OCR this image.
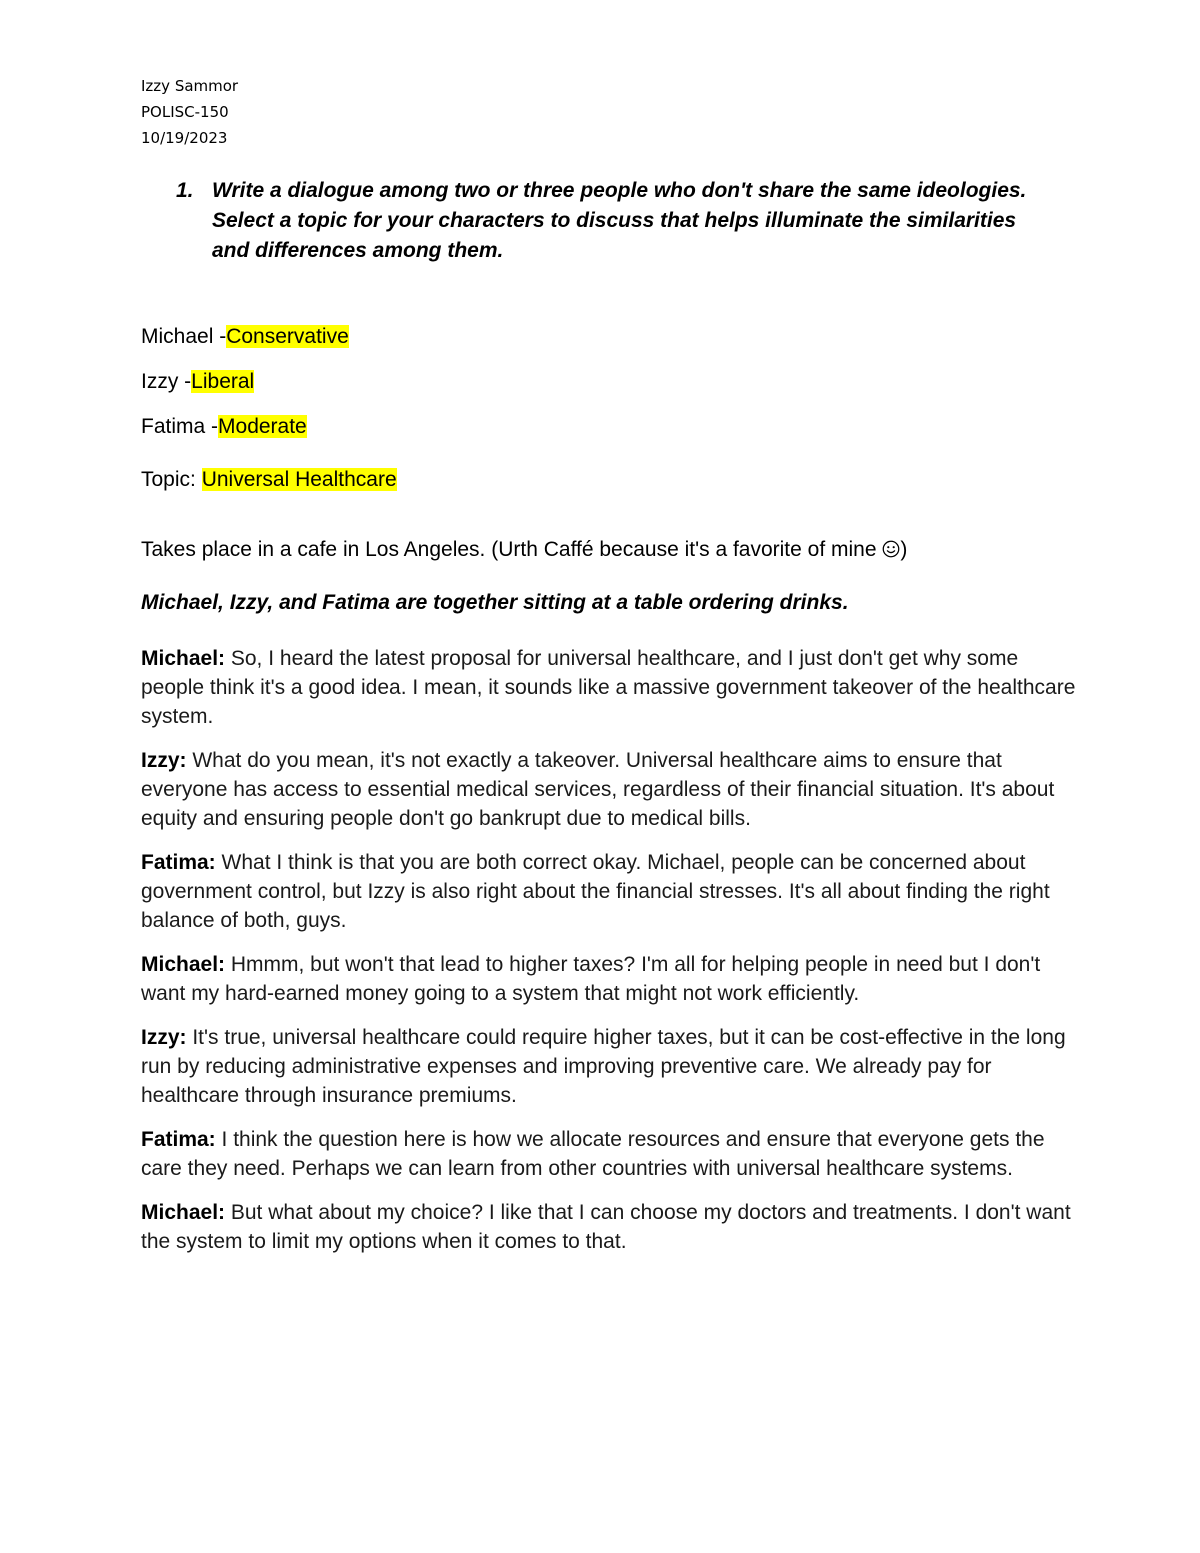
Izzy Sammor
POLISC-150
10/19/2023
1. Write a dialogue among two or three people who don't share the same ideologies. Select a topic for your characters to discuss that helps illuminate the similarities and differences among them.

Michael -Conservative

Izzy -Liberal

Fatima -Moderate

Topic: Universal Healthcare
Takes place in a cafe in Los Angeles. (Urth Caffé because it's a favorite of mine )
Michael, Izzy, and Fatima are together sitting at a table ordering drinks.

Michael: So, I heard the latest proposal for universal healthcare, and I just don't get why some people think it's a good idea. I mean, it sounds like a massive government takeover of the healthcare system.

Izzy: What do you mean, it's not exactly a takeover. Universal healthcare aims to ensure that everyone has access to essential medical services, regardless of their financial situation. It's about equity and ensuring people don't go bankrupt due to medical bills.

Fatima: What I think is that you are both correct okay. Michael, people can be concerned about government control, but Izzy is also right about the financial stresses. It's all about finding the right balance of both, guys.

Michael: Hmmm, but won't that lead to higher taxes? I'm all for helping people in need but I don't want my hard-earned money going to a system that might not work efficiently.

Izzy: It's true, universal healthcare could require higher taxes, but it can be cost-effective in the long run by reducing administrative expenses and improving preventive care. We already pay for healthcare through insurance premiums.

Fatima: I think the question here is how we allocate resources and ensure that everyone gets the care they need. Perhaps we can learn from other countries with universal healthcare systems.

Michael: But what about my choice? I like that I can choose my doctors and treatments. I don't want the system to limit my options when it comes to that.
